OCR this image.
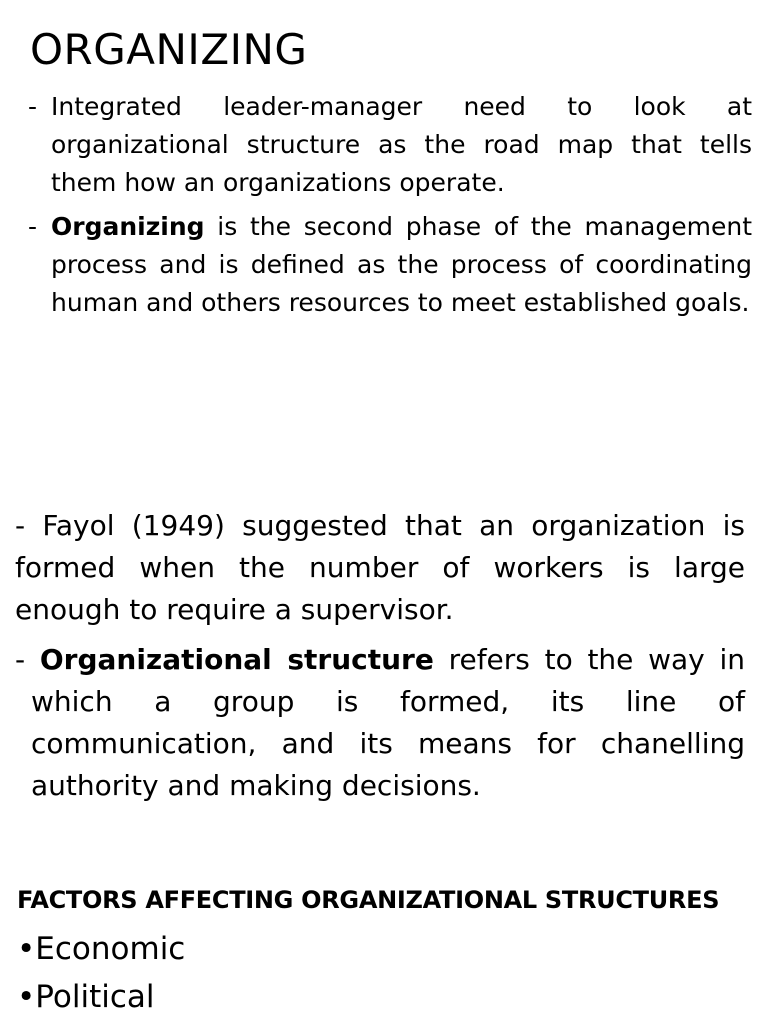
ORGANIZING
- Integrated leader-manager need to look at organizational structure as the road map that tells them how an organizations operate.
- Organizing is the second phase of the management process and is defined as the process of coordinating human and others resources to meet established goals.
- Fayol (1949) suggested that an organization is formed when the number of workers is large enough to require a supervisor.
- Organizational structure refers to the way in which a group is formed, its line of communication, and its means for chanelling authority and making decisions.
FACTORS AFFECTING ORGANIZATIONAL STRUCTURES
•Economic
•Political
